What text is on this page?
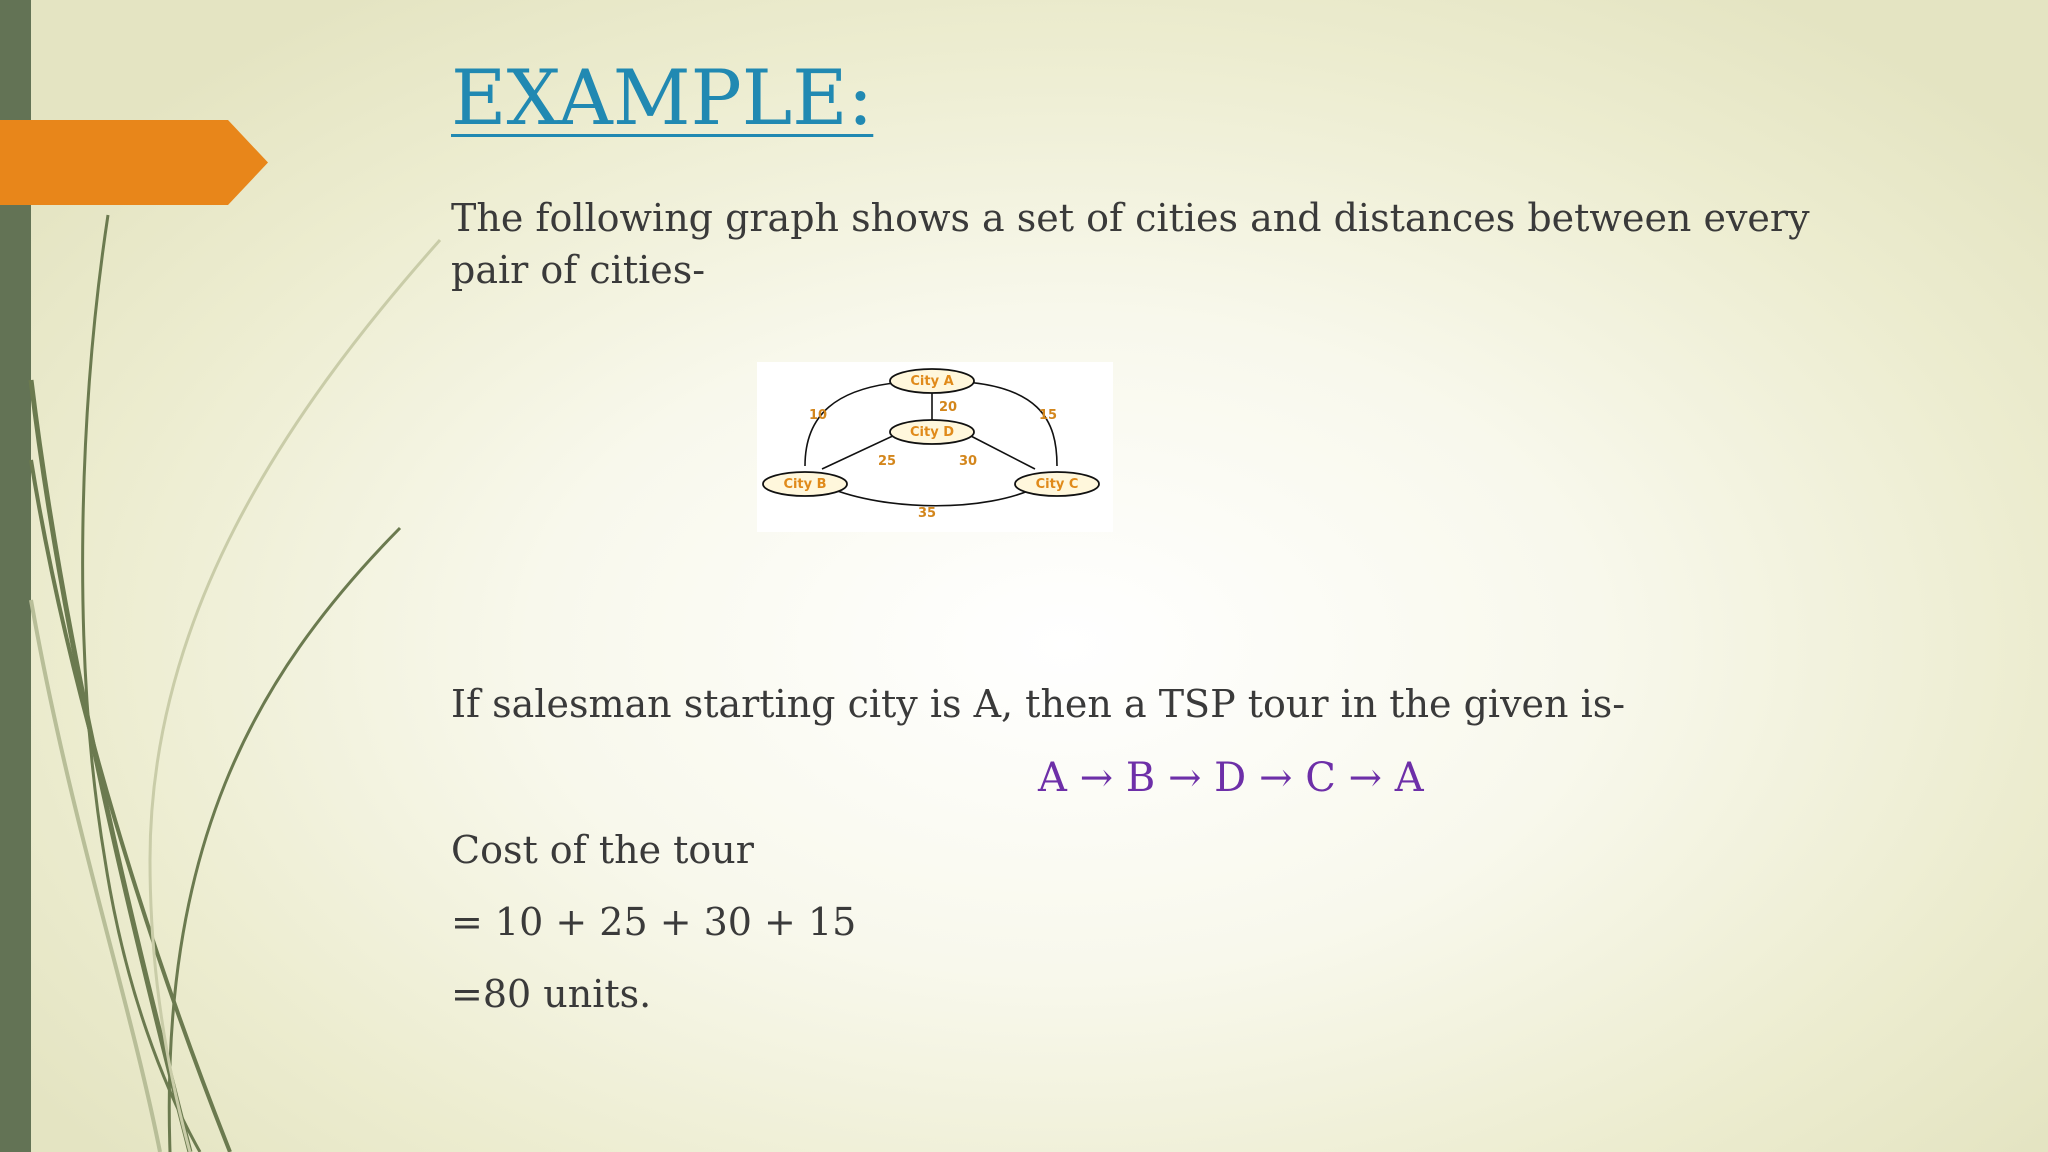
EXAMPLE:

The following graph shows a set of cities and distances between every pair of cities-

10
20
15
25	30
35
City A
City D
City B	City C

If salesman starting city is A, then a TSP tour in the given is-

A → B → D → C → A

Cost of the tour

= 10 + 25 + 30 + 15

=80 units.
